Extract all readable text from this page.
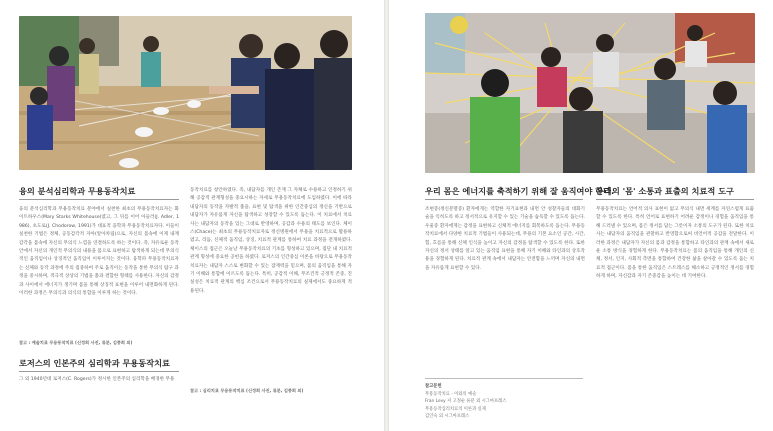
융의 분석심리학과 무용동작치료
융의 분석심리학과 무용동작치료 분야에서 실천한 최초의 무용동작치료자는 화이트하우스(Mary Starks Whitehouse)였고, 그 뒤를 이어 아들러(J. Adler, 1986), 초도로(J. Chodorow, 1991)가 대표적 융학파 무용동작치료자다. 이들이 실천한 기법은 정체, 공동감각적 자아(알아차림)으로, 자신의 몸속에 이제 내재 감각을 몸속에 자신의 무의식 느낌을 연결하도록 하는 것이다. 즉, 자유로운 동작 안에서 자신의 개인적 무의식의 내용을 몸으로 표현하고 탐색하게 되는데 무의식적인 움직임이나 상징적인 움직임이 이루어지는 것이다. 융학파 무용동작치료자는 신체와 동작 과정에 주의 집중하여 주로 움직이는 동작을 통한 무의식 탐구 과정을 중시하며, 적극적 상상의 기법을 춤과 결합한 형태를 사용한다. 자신의 감정과 사이에서 에너지가 생기며 몸을 통해 상징적 표현을 이루어 내면화하게 된다. 이러한 과정은 무의식과 의식의 통합을 이루게 하는 것이다.
참고 : 예술치료 무용동작치료 (신정희 사진, 류분, 김종희 외)
로저스의 인본주의 심리학과 무용동작치료
그 외 1940년대 로저스(C. Rogers)가 정시한 인본주의 심리학을 배경한 무용
동작치료를 창안하였다. 즉, 내담자를 개인 존재 그 자체로 수용하고 인정하기 위해 공감적 관계형성을 중요시하는 자세로 무용동작치료에 도입하였다. 이에 따라 내담자의 동작을 자발적 춤을, 표현 및 탐색을 위한 인간중심의 정신을 기반으로 내담자가 자유롭게 자신을 탐색하고 성장할 수 있도록 돕는다. 이 치료에서 치료사는 내담자의 동작을 있는 그대로 반영하며, 공감과 수용의 태도를 보인다. 체이스(Chace)는 최초의 무용동작치료자로 정신병원에서 무용을 치료적으로 활용하였고, 리듬, 신체적 움직임, 상징, 치료적 관계를 통하여 치료 과정을 전개하였다. 체이스의 접근은 오늘날 무용동작치료의 기초를 형성하고 있으며, 집단 내 치료적 관계 형성에 중요한 공헌을 하였다. 로저스의 인간중심 이론을 바탕으로 무용동작치료자는 내담자 스스로 변화할 수 있는 잠재력을 믿으며, 몸의 움직임을 통해 자기 이해와 통합에 이르도록 돕는다. 특히, 공감적 이해, 무조건적 긍정적 존중, 진실성은 치료적 관계의 핵심 조건으로서 무용동작치료의 실제에서도 중요하게 적용된다.
참고 : 심리치료 무용동작치료 (신정희 사진, 류분, 김종희 외)
우리 몸은 에너지를 축적하기 위해 잘 움직여야 한다.
조현증(정신분열증) 환자에게는 역할한 자기표현과 내면 안 성찰자들의 대화기술을 익히도록 하고 정서적으로 유지할 수 있는 기술을 습득할 수 있도록 돕는다. 우울증 환자에게는 감정을 표현하고 신체적 에너지를 회복하도록 돕는다. 무용동작치료에서 다양한 치료적 기법들이 사용되는데, 무용의 기본 요소인 공간, 시간, 힘, 흐름을 통해 신체 인식을 높이고 자신의 감정을 탐색할 수 있도록 한다. 또한 자신의 정서 상태를 알고 있는 움직임 표현을 통해 자기 이해와 타인과의 상호작용을 경험하게 된다. 치료적 관계 속에서 내담자는 안전함을 느끼며 자신의 내면을 자유롭게 표현할 수 있다.
참고문헌
무용동작치료 - 이와의 예술
Fran Levy 저 고정순 류분 외 시그마프레스
무용동작심리치료의 이론과 실제
김인숙 외 시그마프레스
우리의 '몸' 소통과 표출의 치료적 도구
무용동작치료는 언어적 의사 표현이 없고 무의식 내면 세계를 자연스럽게 표출할 수 있도록 한다. 특히 언어로 표현하기 어려운 감정이나 경험을 움직임을 통해 드러낼 수 있으며, 몸은 정서를 담는 그릇이자 소통의 도구가 된다. 또한 치료사는 내담자의 움직임을 관찰하고 반영함으로써 비언어적 공감을 전달한다. 이러한 과정은 내담자가 자신의 몸과 감정을 통합하고 타인과의 관계 속에서 새로운 소통 방식을 경험하게 한다. 무용동작치료는 몸의 움직임을 통해 개인의 신체, 정서, 인지, 사회적 측면을 통합하여 건강한 삶을 살아갈 수 있도록 돕는 치료적 접근이다. 몸을 통한 움직임은 스트레스를 해소하고 긍정적인 정서를 경험하게 하며, 자신감과 자기 존중감을 높이는 데 기여한다.
